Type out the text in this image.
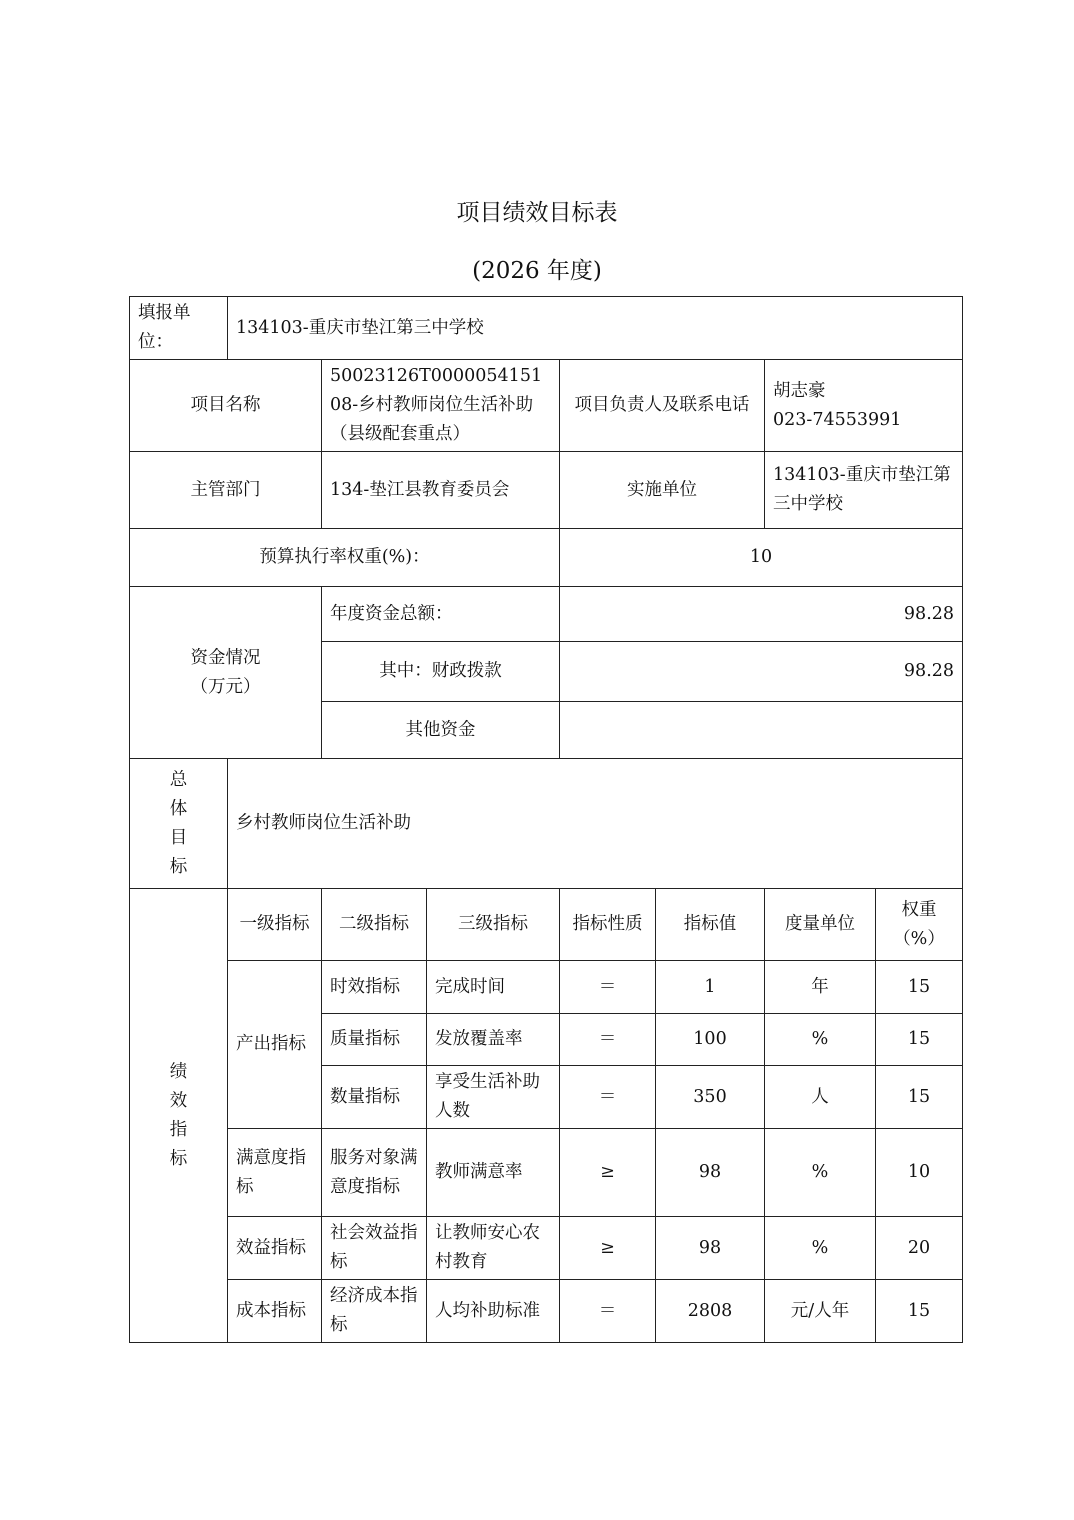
项目绩效目标表
(2026 年度)
填报单位：	134103-重庆市垫江第三中学校						
项目名称		50023126T000005415108-乡村教师岗位生活补助（县级配套重点）		项目负责人及联系电话		胡志豪
023-74553991	
主管部门		134-垫江县教育委员会		实施单位		134103-重庆市垫江第三中学校	
预算执行率权重(%)：				10			
资金情况
（万元）		年度资金总额：		98.28			
		其中：财政拨款		98.28			
		其他资金					
总
体
目
标	乡村教师岗位生活补助						
绩
效
指
标	一级指标	二级指标	三级指标	指标性质	指标值	度量单位	权重（%）
	产出指标	时效指标	完成时间	＝	1	年	15
		质量指标	发放覆盖率	＝	100	%	15
		数量指标	享受生活补助人数	＝	350	人	15
	满意度指标	服务对象满意度指标	教师满意率	≥	98	%	10
	效益指标	社会效益指标	让教师安心农村教育	≥	98	%	20
	成本指标	经济成本指标	人均补助标准	＝	2808	元/人年	15
